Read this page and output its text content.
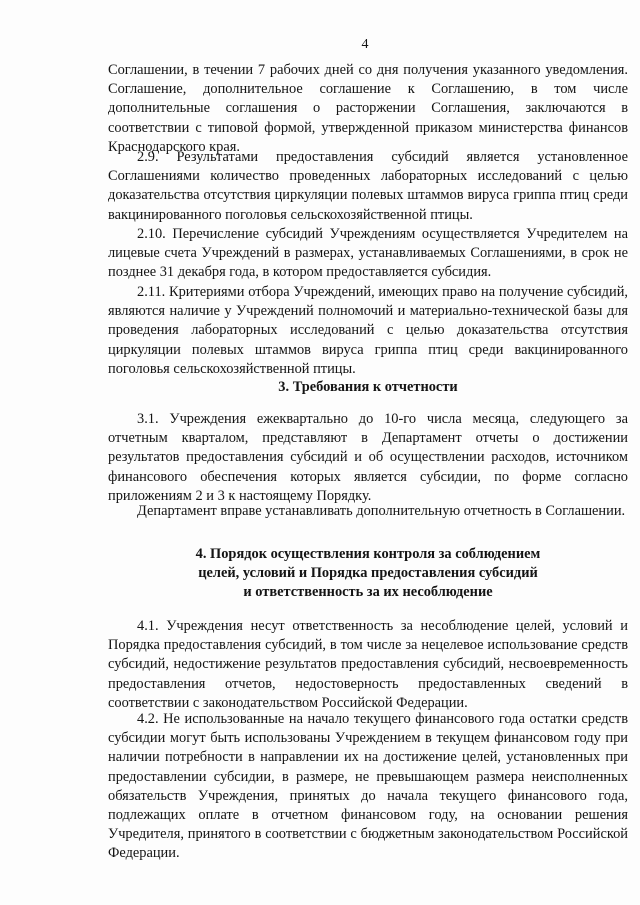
4

Соглашении, в течении 7 рабочих дней со дня получения указанного уведомления. Соглашение, дополнительное соглашение к Соглашению, в том числе дополнительные соглашения о расторжении Соглашения, заключаются в соответствии с типовой формой, утвержденной приказом министерства финансов Краснодарского края.

2.9. Результатами предоставления субсидий является установленное Соглашениями количество проведенных лабораторных исследований с целью доказательства отсутствия циркуляции полевых штаммов вируса гриппа птиц среди вакцинированного поголовья сельскохозяйственной птицы.

2.10. Перечисление субсидий Учреждениям осуществляется Учредителем на лицевые счета Учреждений в размерах, устанавливаемых Соглашениями, в срок не позднее 31 декабря года, в котором предоставляется субсидия.

2.11. Критериями отбора Учреждений, имеющих право на получение субсидий, являются наличие у Учреждений полномочий и материально-технической базы для проведения лабораторных исследований с целью доказательства отсутствия циркуляции полевых штаммов вируса гриппа птиц среди вакцинированного поголовья сельскохозяйственной птицы.

3. Требования к отчетности

3.1. Учреждения ежеквартально до 10-го числа месяца, следующего за отчетным кварталом, представляют в Департамент отчеты о достижении результатов предоставления субсидий и об осуществлении расходов, источником финансового обеспечения которых является субсидии, по форме согласно приложениям 2 и 3 к настоящему Порядку.

Департамент вправе устанавливать дополнительную отчетность в Соглашении.

4. Порядок осуществления контроля за соблюдением
целей, условий и Порядка предоставления субсидий
и ответственность за их несоблюдение

4.1. Учреждения несут ответственность за несоблюдение целей, условий и Порядка предоставления субсидий, в том числе за нецелевое использование средств субсидий, недостижение результатов предоставления субсидий, несвоевременность предоставления отчетов, недостоверность предоставленных сведений в соответствии с законодательством Российской Федерации.

4.2. Не использованные на начало текущего финансового года остатки средств субсидии могут быть использованы Учреждением в текущем финансовом году при наличии потребности в направлении их на достижение целей, установленных при предоставлении субсидии, в размере, не превышающем размера неисполненных обязательств Учреждения, принятых до начала текущего финансового года, подлежащих оплате в отчетном финансовом году, на основании решения Учредителя, принятого в соответствии с бюджетным законодательством Российской Федерации.
